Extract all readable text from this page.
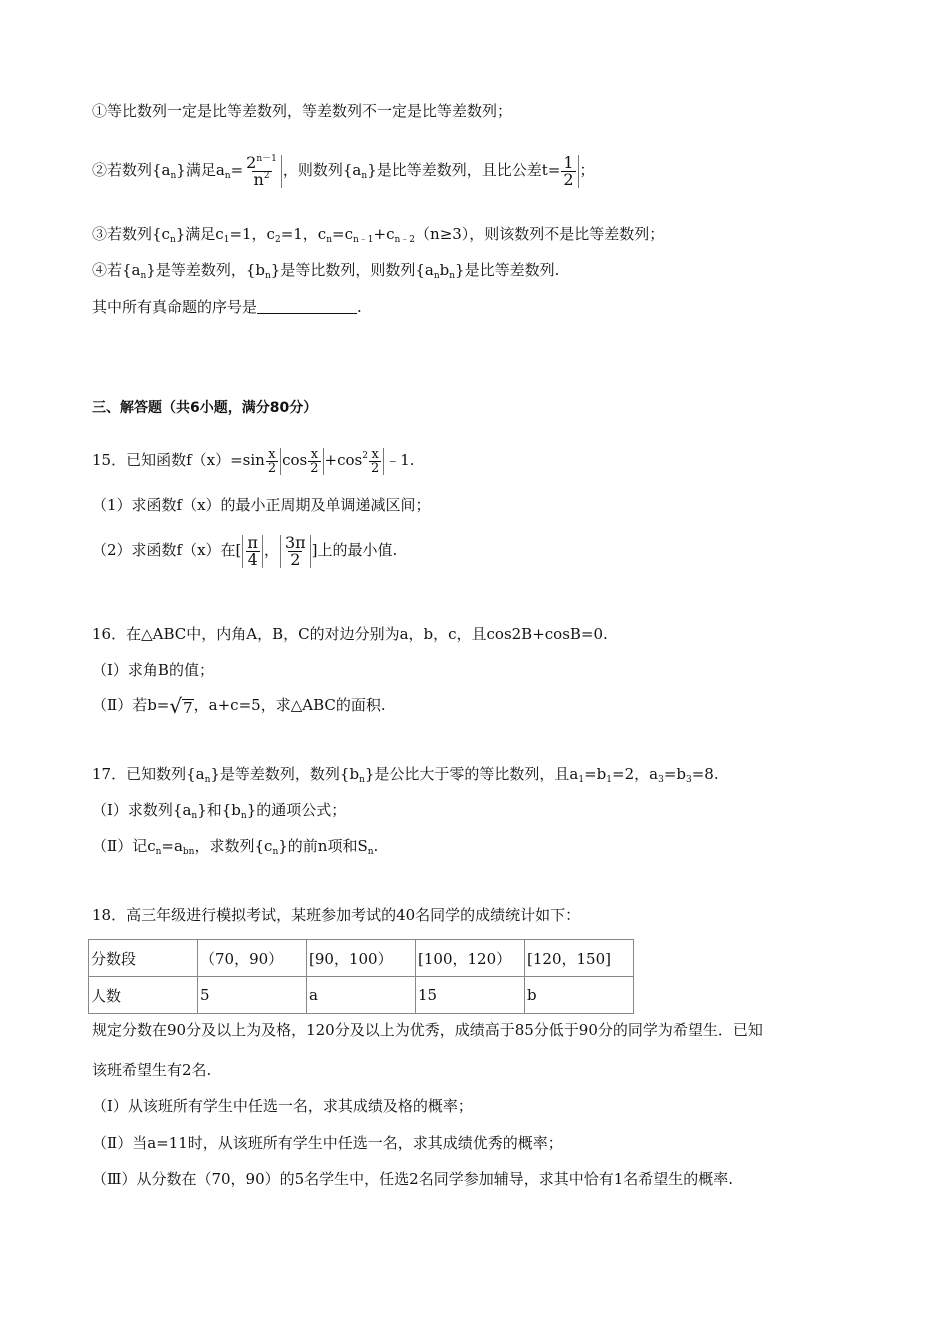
①等比数列一定是比等差数列，等差数列不一定是比等差数列；
②若数列$\{a_n\}$满足$a_n= \frac{2^{n-1}}{n^2}$ ，则数列$\{a_n\}$是比等差数列，且比公差$t= \frac{1}{2}$ ；
③若数列$\{c_n\}$满足$c_1=1$，$c_2=1$，$c_n=c_{n﹣1}+c_{n﹣2}(n\ge 3)$，则该数列不是比等差数列；
④若$\{a_n\}$是等差数列，$\{b_n\}$是等比数列，则数列$\{a_nb_n\}$是比等差数列.
其中所有真命题的序号是	.
三、解答题（共6小题，满分80分）
15．已知函数$f(x)=\sin \frac{x}{2}$ $\cos \frac{x}{2} +\cos^2 \frac{x}{2}$ ﹣1.
（1）求函数f（x）的最小正周期及单调递减区间；
（2）求函数f（x）在[ $\frac{\pi}{4}$ ， $\frac{3\pi}{2}$ ]上的最小值.
16．在△ABC中，内角A，B，C的对边分别为a，b，c，且cos2B+cosB=0.
（Ⅰ）求角B的值；
（Ⅱ）若b= √ 7 ，a+c=5，求△ABC的面积.
17．已知数列$\{a_n\}$是等差数列，数列$\{b_n\}$是公比大于零的等比数列，且$a_1=b_1=2$，$a_3=b_3=8$.
（Ⅰ）求数列$\{a_n\}$和$\{b_n\}$的通项公式；
（Ⅱ）记$c_n=a_{bn}$，求数列$\{c_n\}$的前n项和$S_n$.
18．高三年级进行模拟考试，某班参加考试的40名同学的成绩统计如下：
分数段	（70，90）	[90，100）	[100，120）	[120，150]
人数	5	a	15	b
规定分数在90分及以上为及格，120分及以上为优秀，成绩高于85分低于90分的同学为希望生．已知
该班希望生有2名.
（Ⅰ）从该班所有学生中任选一名，求其成绩及格的概率；
（Ⅱ）当a=11时，从该班所有学生中任选一名，求其成绩优秀的概率；
（Ⅲ）从分数在（70，90）的5名学生中，任选2名同学参加辅导，求其中恰有1名希望生的概率.
